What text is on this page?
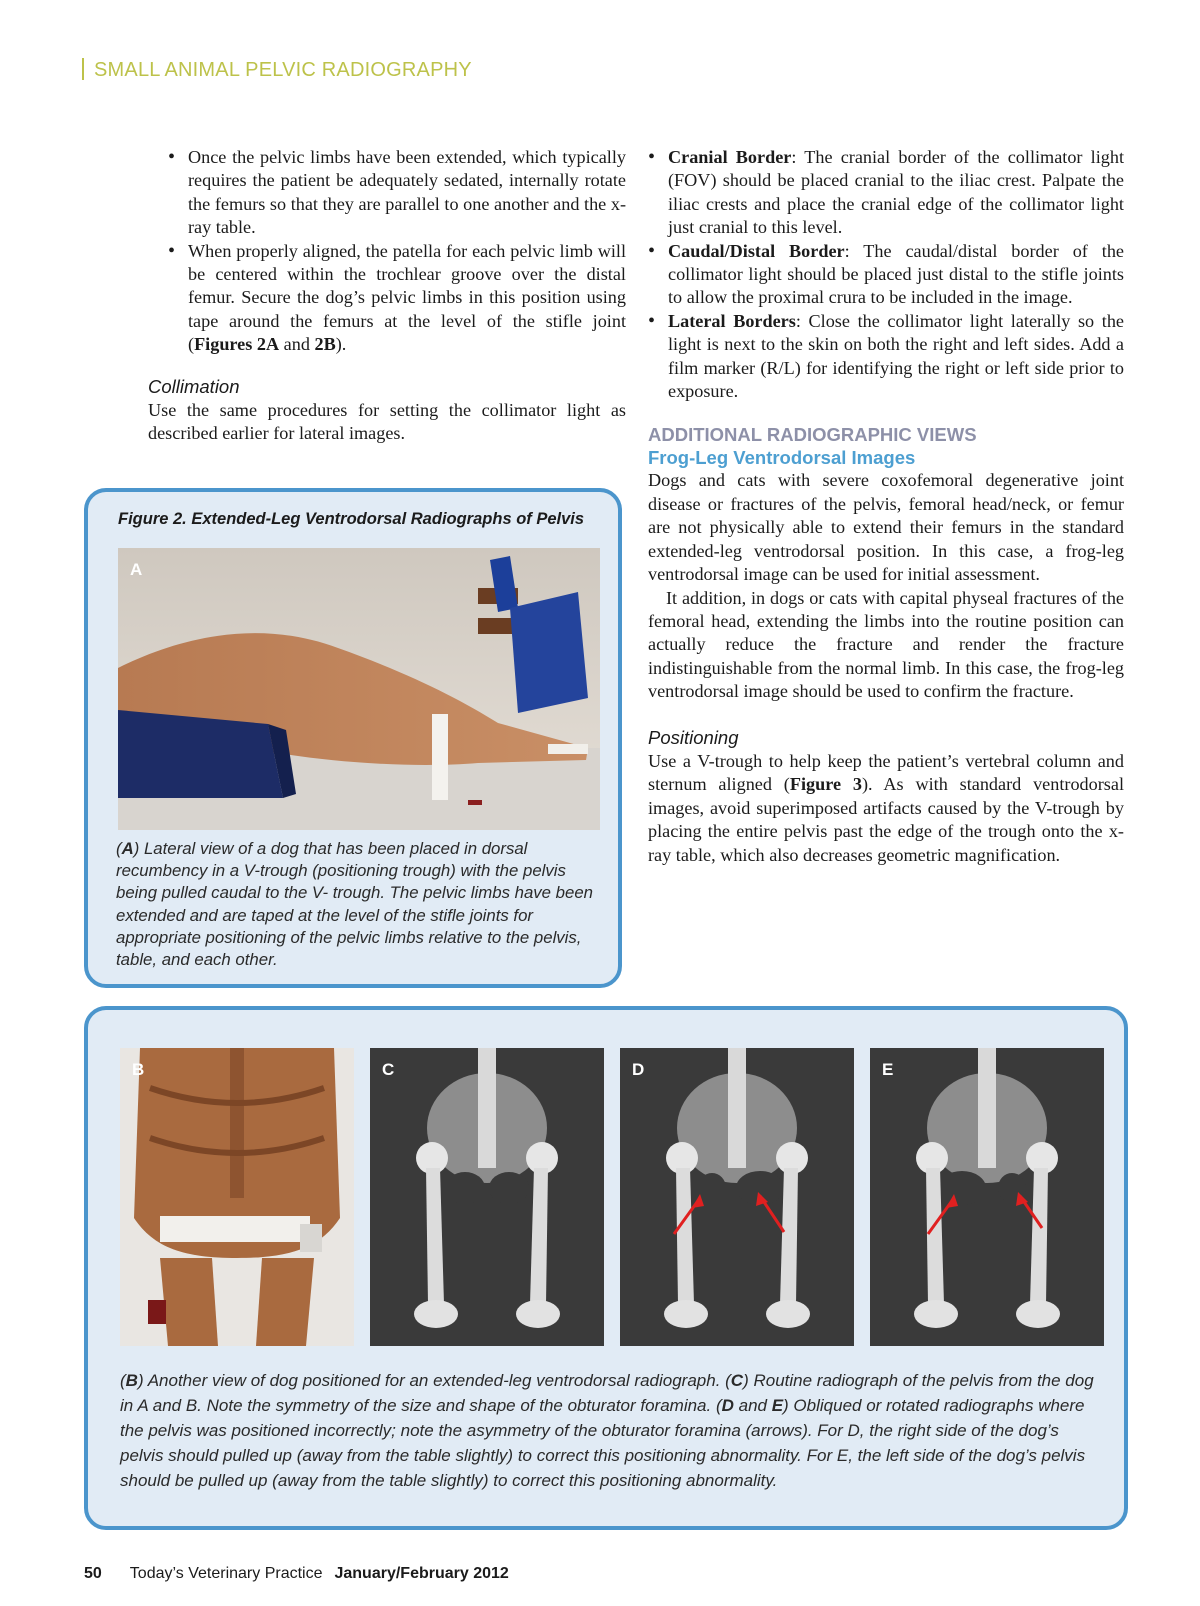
SMALL ANIMAL PELVIC RADIOGRAPHY
• Once the pelvic limbs have been extended, which typically requires the patient be adequately sedated, internally rotate the femurs so that they are parallel to one another and the x-ray table.
• When properly aligned, the patella for each pelvic limb will be centered within the trochlear groove over the distal femur. Secure the dog’s pelvic limbs in this position using tape around the femurs at the level of the stifle joint (Figures 2A and 2B).
Collimation

Use the same procedures for setting the collimator light as described earlier for lateral images.

• Cranial Border: The cranial border of the collimator light (FOV) should be placed cranial to the iliac crest. Palpate the iliac crests and place the cranial edge of the collimator light just cranial to this level.
• Caudal/Distal Border: The caudal/distal border of the collimator light should be placed just distal to the stifle joints to allow the proximal crura to be included in the image.
• Lateral Borders: Close the collimator light laterally so the light is next to the skin on both the right and left sides. Add a film marker (R/L) for identifying the right or left side prior to exposure.
ADDITIONAL RADIOGRAPHIC VIEWS
Frog-Leg Ventrodorsal Images

Dogs and cats with severe coxofemoral degenerative joint disease or fractures of the pelvis, femoral head/neck, or femur are not physically able to extend their femurs in the standard extended-leg ventrodorsal position. In this case, a frog-leg ventrodorsal image can be used for initial assessment.

It addition, in dogs or cats with capital physeal fractures of the femoral head, extending the limbs into the routine position can actually reduce the fracture and render the fracture indistinguishable from the normal limb. In this case, the frog-leg ventrodorsal image should be used to confirm the fracture.

Positioning

Use a V-trough to help keep the patient’s vertebral column and sternum aligned (Figure 3). As with standard ventrodorsal images, avoid superimposed artifacts caused by the V-trough by placing the entire pelvis past the edge of the trough onto the x-ray table, which also decreases geometric magnification.

Figure 2. Extended-Leg Ventrodorsal Radiographs of Pelvis
A
(A) Lateral view of a dog that has been placed in dorsal recumbency in a V-trough (positioning trough) with the pelvis being pulled caudal to the V- trough. The pelvic limbs have been extended and are taped at the level of the stifle joints for appropriate positioning of the pelvic limbs relative to the pelvis, table, and each other.
B	C	D	E
(B) Another view of dog positioned for an extended-leg ventrodorsal radiograph. (C) Routine radiograph of the pelvis from the dog in A and B. Note the symmetry of the size and shape of the obturator foramina. (D and E) Obliqued or rotated radiographs where the pelvis was positioned incorrectly; note the asymmetry of the obturator foramina (arrows). For D, the right side of the dog’s pelvis should pulled up (away from the table slightly) to correct this positioning abnormality. For E, the left side of the dog’s pelvis should be pulled up (away from the table slightly) to correct this positioning abnormality.
50 Today’s Veterinary Practice January/February 2012
